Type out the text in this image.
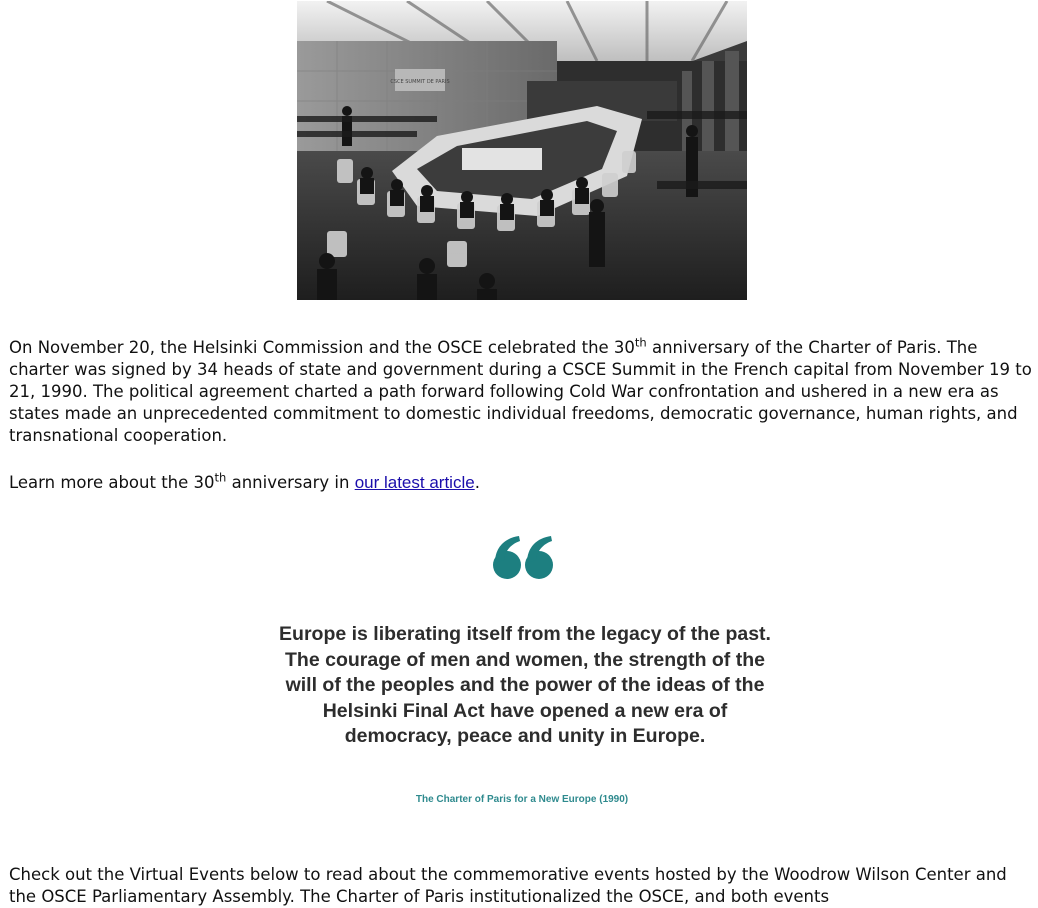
CSCE SUMMIT DE PARIS

On November 20, the Helsinki Commission and the OSCE celebrated the 30th anniversary of the Charter of Paris. The charter was signed by 34 heads of state and government during a CSCE Summit in the French capital from November 19 to 21, 1990. The political agreement charted a path forward following Cold War confrontation and ushered in a new era as states made an unprecedented commitment to domestic individual freedoms, democratic governance, human rights, and transnational cooperation.

Learn more about the 30th anniversary in our latest article.

Europe is liberating itself from the legacy of the past.
The courage of men and women, the strength of the
will of the peoples and the power of the ideas of the
Helsinki Final Act have opened a new era of
democracy, peace and unity in Europe.
The Charter of Paris for a New Europe (1990)

Check out the Virtual Events below to read about the commemorative events hosted by the Woodrow Wilson Center and the OSCE Parliamentary Assembly. The Charter of Paris institutionalized the OSCE, and both events
